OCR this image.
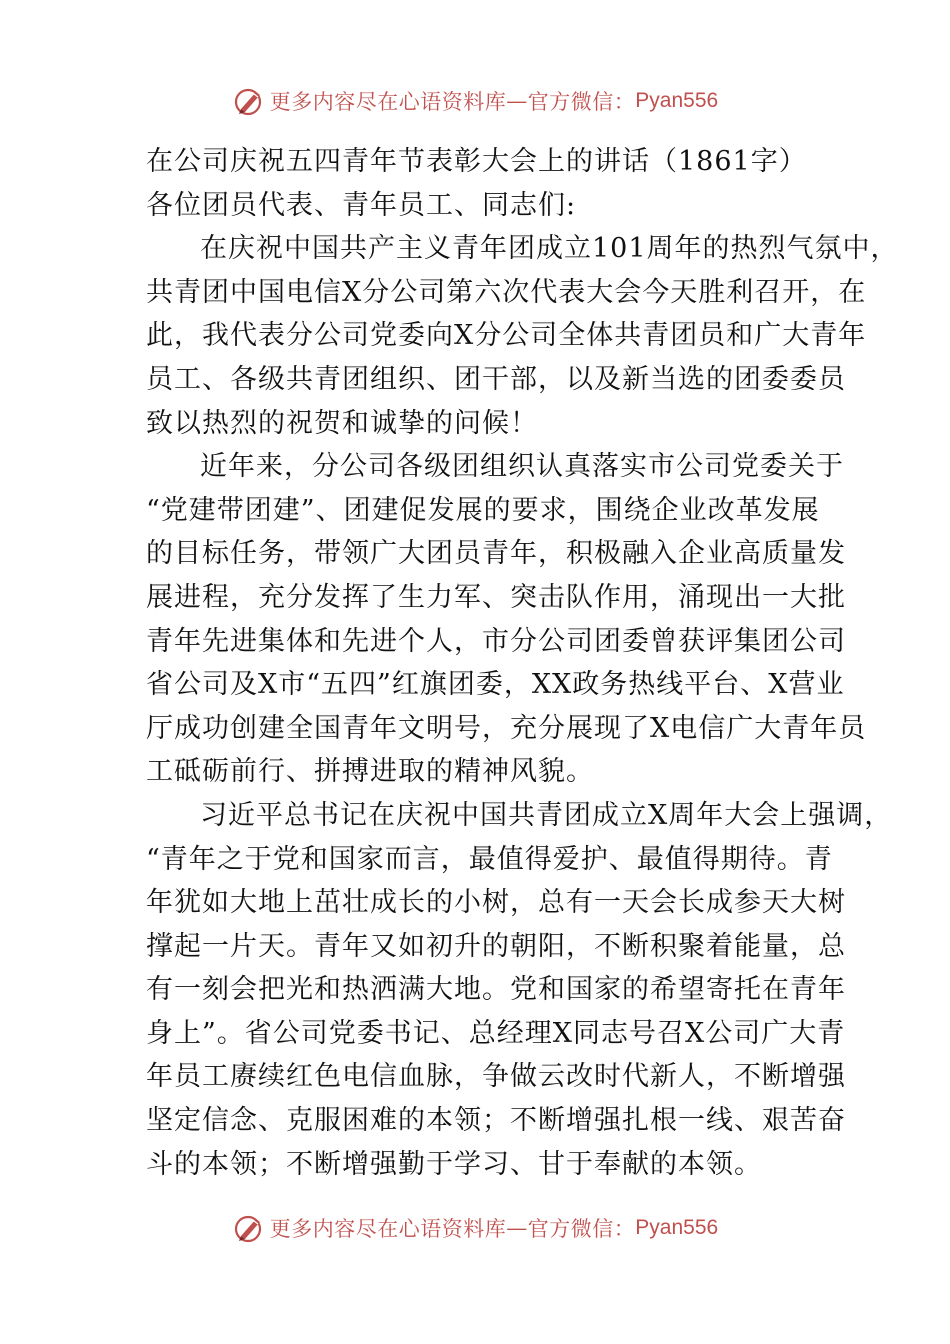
更多内容尽在心语资料库 — 官方微信： Pyan556
在公司庆祝五四青年节表彰大会上的讲话（1861字）
各位团员代表、青年员工、同志们:
在庆祝中国共产主义青年团成立101周年的热烈气氛中，
共青团中国电信X分公司第六次代表大会今天胜利召开，在
此，我代表分公司党委向X分公司全体共青团员和广大青年
员工、各级共青团组织、团干部，以及新当选的团委委员
致以热烈的祝贺和诚挚的问候！
近年来，分公司各级团组织认真落实市公司党委关于
“党建带团建”、团建促发展的要求，围绕企业改革发展
的目标任务，带领广大团员青年，积极融入企业高质量发
展进程，充分发挥了生力军、突击队作用，涌现出一大批
青年先进集体和先进个人，市分公司团委曾获评集团公司
省公司及X市“五四”红旗团委，XX政务热线平台、X营业
厅成功创建全国青年文明号，充分展现了X电信广大青年员
工砥砺前行、拼搏进取的精神风貌。
习近平总书记在庆祝中国共青团成立X周年大会上强调，
“青年之于党和国家而言，最值得爱护、最值得期待。青
年犹如大地上茁壮成长的小树，总有一天会长成参天大树
撑起一片天。青年又如初升的朝阳，不断积聚着能量，总
有一刻会把光和热洒满大地。党和国家的希望寄托在青年
身上”。省公司党委书记、总经理X同志号召X公司广大青
年员工赓续红色电信血脉，争做云改时代新人，不断增强
坚定信念、克服困难的本领；不断增强扎根一线、艰苦奋
斗的本领；不断增强勤于学习、甘于奉献的本领。
更多内容尽在心语资料库 — 官方微信： Pyan556
